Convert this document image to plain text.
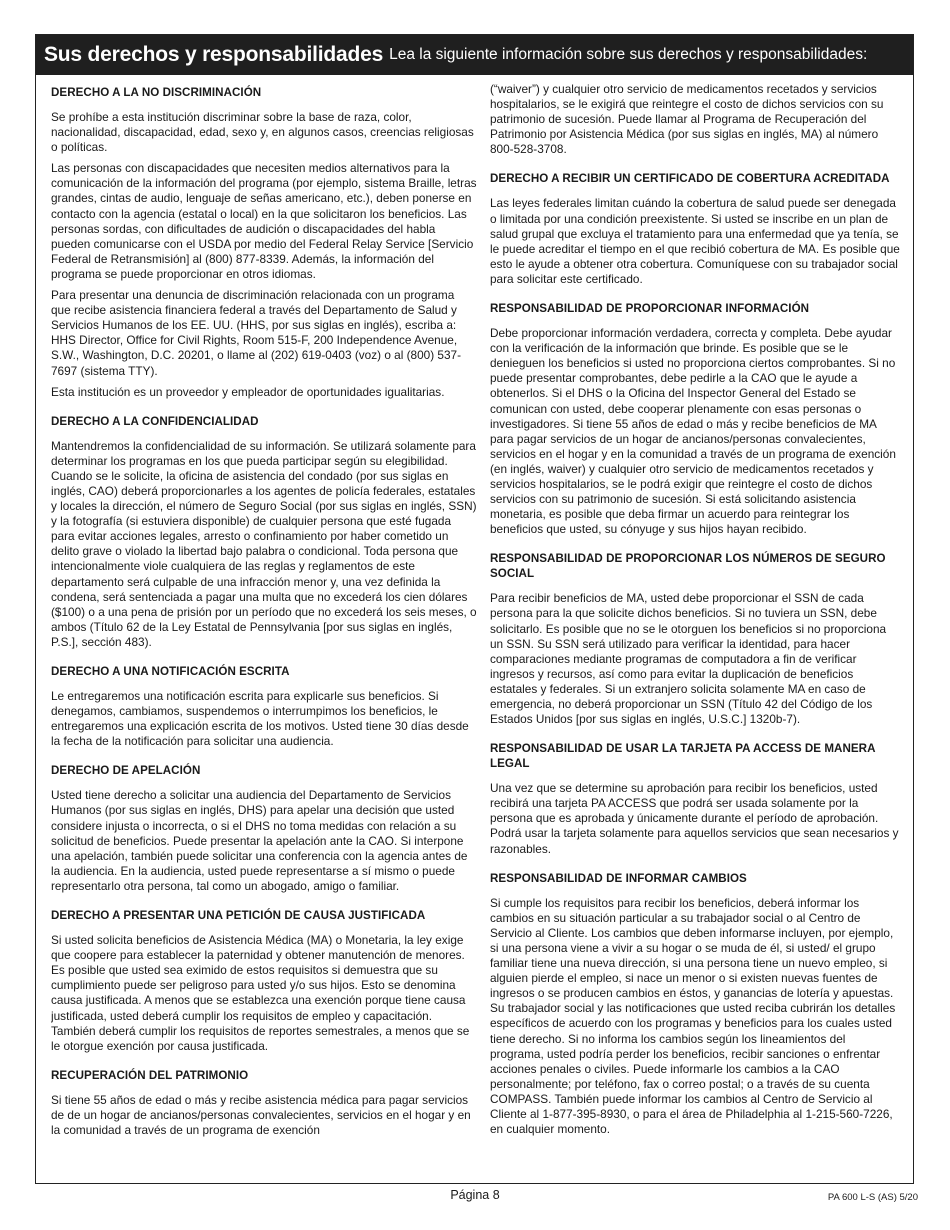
Sus derechos y responsabilidades Lea la siguiente información sobre sus derechos y responsabilidades:
DERECHO A LA NO DISCRIMINACIÓN

Se prohíbe a esta institución discriminar sobre la base de raza, color, nacionalidad, discapacidad, edad, sexo y, en algunos casos, creencias religiosas o políticas.

Las personas con discapacidades que necesiten medios alternativos para la comunicación de la información del programa (por ejemplo, sistema Braille, letras grandes, cintas de audio, lenguaje de señas americano, etc.), deben ponerse en contacto con la agencia (estatal o local) en la que solicitaron los beneficios. Las personas sordas, con dificultades de audición o discapacidades del habla pueden comunicarse con el USDA por medio del Federal Relay Service [Servicio Federal de Retransmisión] al (800) 877-8339. Además, la información del programa se puede proporcionar en otros idiomas.

Para presentar una denuncia de discriminación relacionada con un programa que recibe asistencia financiera federal a través del Departamento de Salud y Servicios Humanos de los EE. UU. (HHS, por sus siglas en inglés), escriba a: HHS Director, Office for Civil Rights, Room 515-F, 200 Independence Avenue, S.W., Washington, D.C. 20201, o llame al (202) 619-0403 (voz) o al (800) 537-7697 (sistema TTY).

Esta institución es un proveedor y empleador de oportunidades igualitarias.

DERECHO A LA CONFIDENCIALIDAD

Mantendremos la confidencialidad de su información. Se utilizará solamente para determinar los programas en los que pueda participar según su elegibilidad. Cuando se le solicite, la oficina de asistencia del condado (por sus siglas en inglés, CAO) deberá proporcionarles a los agentes de policía federales, estatales y locales la dirección, el número de Seguro Social (por sus siglas en inglés, SSN) y la fotografía (si estuviera disponible) de cualquier persona que esté fugada para evitar acciones legales, arresto o confinamiento por haber cometido un delito grave o violado la libertad bajo palabra o condicional. Toda persona que intencionalmente viole cualquiera de las reglas y reglamentos de este departamento será culpable de una infracción menor y, una vez definida la condena, será sentenciada a pagar una multa que no excederá los cien dólares ($100) o a una pena de prisión por un período que no excederá los seis meses, o ambos (Título 62 de la Ley Estatal de Pennsylvania [por sus siglas en inglés, P.S.], sección 483).

DERECHO A UNA NOTIFICACIÓN ESCRITA

Le entregaremos una notificación escrita para explicarle sus beneficios. Si denegamos, cambiamos, suspendemos o interrumpimos los beneficios, le entregaremos una explicación escrita de los motivos. Usted tiene 30 días desde la fecha de la notificación para solicitar una audiencia.

DERECHO DE APELACIÓN

Usted tiene derecho a solicitar una audiencia del Departamento de Servicios Humanos (por sus siglas en inglés, DHS) para apelar una decisión que usted considere injusta o incorrecta, o si el DHS no toma medidas con relación a su solicitud de beneficios. Puede presentar la apelación ante la CAO. Si interpone una apelación, también puede solicitar una conferencia con la agencia antes de la audiencia. En la audiencia, usted puede representarse a sí mismo o puede representarlo otra persona, tal como un abogado, amigo o familiar.

DERECHO A PRESENTAR UNA PETICIÓN DE CAUSA JUSTIFICADA

Si usted solicita beneficios de Asistencia Médica (MA) o Monetaria, la ley exige que coopere para establecer la paternidad y obtener manutención de menores. Es posible que usted sea eximido de estos requisitos si demuestra que su cumplimiento puede ser peligroso para usted y/o sus hijos. Esto se denomina causa justificada. A menos que se establezca una exención porque tiene causa justificada, usted deberá cumplir los requisitos de empleo y capacitación. También deberá cumplir los requisitos de reportes semestrales, a menos que se le otorgue exención por causa justificada.

RECUPERACIÓN DEL PATRIMONIO

Si tiene 55 años de edad o más y recibe asistencia médica para pagar servicios de de un hogar de ancianos/personas convalecientes, servicios en el hogar y en la comunidad a través de un programa de exención

(“waiver”) y cualquier otro servicio de medicamentos recetados y servicios hospitalarios, se le exigirá que reintegre el costo de dichos servicios con su patrimonio de sucesión. Puede llamar al Programa de Recuperación del Patrimonio por Asistencia Médica (por sus siglas en inglés, MA) al número 800-528-3708.

DERECHO A RECIBIR UN CERTIFICADO DE COBERTURA ACREDITADA

Las leyes federales limitan cuándo la cobertura de salud puede ser denegada o limitada por una condición preexistente. Si usted se inscribe en un plan de salud grupal que excluya el tratamiento para una enfermedad que ya tenía, se le puede acreditar el tiempo en el que recibió cobertura de MA. Es posible que esto le ayude a obtener otra cobertura. Comuníquese con su trabajador social para solicitar este certificado.

RESPONSABILIDAD DE PROPORCIONAR INFORMACIÓN

Debe proporcionar información verdadera, correcta y completa. Debe ayudar con la verificación de la información que brinde. Es posible que se le denieguen los beneficios si usted no proporciona ciertos comprobantes. Si no puede presentar comprobantes, debe pedirle a la CAO que le ayude a obtenerlos. Si el DHS o la Oficina del Inspector General del Estado se comunican con usted, debe cooperar plenamente con esas personas o investigadores. Si tiene 55 años de edad o más y recibe beneficios de MA para pagar servicios de un hogar de ancianos/personas convalecientes, servicios en el hogar y en la comunidad a través de un programa de exención (en inglés, waiver) y cualquier otro servicio de medicamentos recetados y servicios hospitalarios, se le podrá exigir que reintegre el costo de dichos servicios con su patrimonio de sucesión. Si está solicitando asistencia monetaria, es posible que deba firmar un acuerdo para reintegrar los beneficios que usted, su cónyuge y sus hijos hayan recibido.

RESPONSABILIDAD DE PROPORCIONAR LOS NÚMEROS DE SEGURO SOCIAL

Para recibir beneficios de MA, usted debe proporcionar el SSN de cada persona para la que solicite dichos beneficios. Si no tuviera un SSN, debe solicitarlo. Es posible que no se le otorguen los beneficios si no proporciona un SSN. Su SSN será utilizado para verificar la identidad, para hacer comparaciones mediante programas de computadora a fin de verificar ingresos y recursos, así como para evitar la duplicación de beneficios estatales y federales. Si un extranjero solicita solamente MA en caso de emergencia, no deberá proporcionar un SSN (Título 42 del Código de los Estados Unidos [por sus siglas en inglés, U.S.C.] 1320b-7).

RESPONSABILIDAD DE USAR LA TARJETA PA ACCESS DE MANERA LEGAL

Una vez que se determine su aprobación para recibir los beneficios, usted recibirá una tarjeta PA ACCESS que podrá ser usada solamente por la persona que es aprobada y únicamente durante el período de aprobación. Podrá usar la tarjeta solamente para aquellos servicios que sean necesarios y razonables.

RESPONSABILIDAD DE INFORMAR CAMBIOS

Si cumple los requisitos para recibir los beneficios, deberá informar los cambios en su situación particular a su trabajador social o al Centro de Servicio al Cliente. Los cambios que deben informarse incluyen, por ejemplo, si una persona viene a vivir a su hogar o se muda de él, si usted/ el grupo familiar tiene una nueva dirección, si una persona tiene un nuevo empleo, si alguien pierde el empleo, si nace un menor o si existen nuevas fuentes de ingresos o se producen cambios en éstos, y ganancias de lotería y apuestas. Su trabajador social y las notificaciones que usted reciba cubrirán los detalles específicos de acuerdo con los programas y beneficios para los cuales usted tiene derecho. Si no informa los cambios según los lineamientos del programa, usted podría perder los beneficios, recibir sanciones o enfrentar acciones penales o civiles. Puede informarle los cambios a la CAO personalmente; por teléfono, fax o correo postal; o a través de su cuenta COMPASS. También puede informar los cambios al Centro de Servicio al Cliente al 1-877-395-8930, o para el área de Philadelphia al 1-215-560-7226, en cualquier momento.

Página 8	PA 600 L-S (AS) 5/20
